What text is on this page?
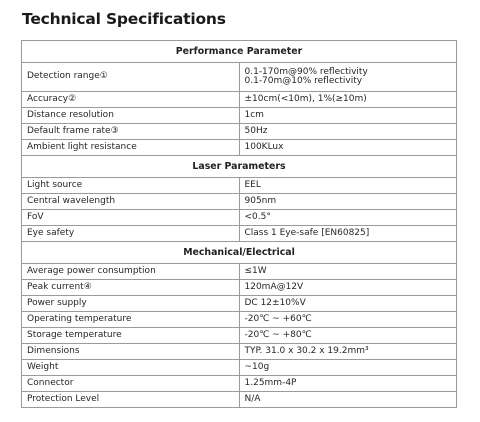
Technical Specifications
Performance Parameter	
Detection range①	0.1-170m@90% reflectivity
0.1-70m@10% reflectivity

Accuracy②	±10cm(<10m), 1%(≥10m)

Distance resolution	1cm

Default frame rate③	50Hz

Ambient light resistance	100KLux

Laser Parameters	
Light source	EEL

Central wavelength	905nm

FoV	<0.5°

Eye safety	Class 1 Eye-safe [EN60825]

Mechanical/Electrical	
Average power consumption	≤1W

Peak current④	120mA@12V

Power supply	DC 12±10%V

Operating temperature	-20℃ ~ +60℃

Storage temperature	-20℃ ~ +80℃

Dimensions	TYP. 31.0 x 30.2 x 19.2mm³

Weight	~10g

Connector	1.25mm-4P

Protection Level	N/A
